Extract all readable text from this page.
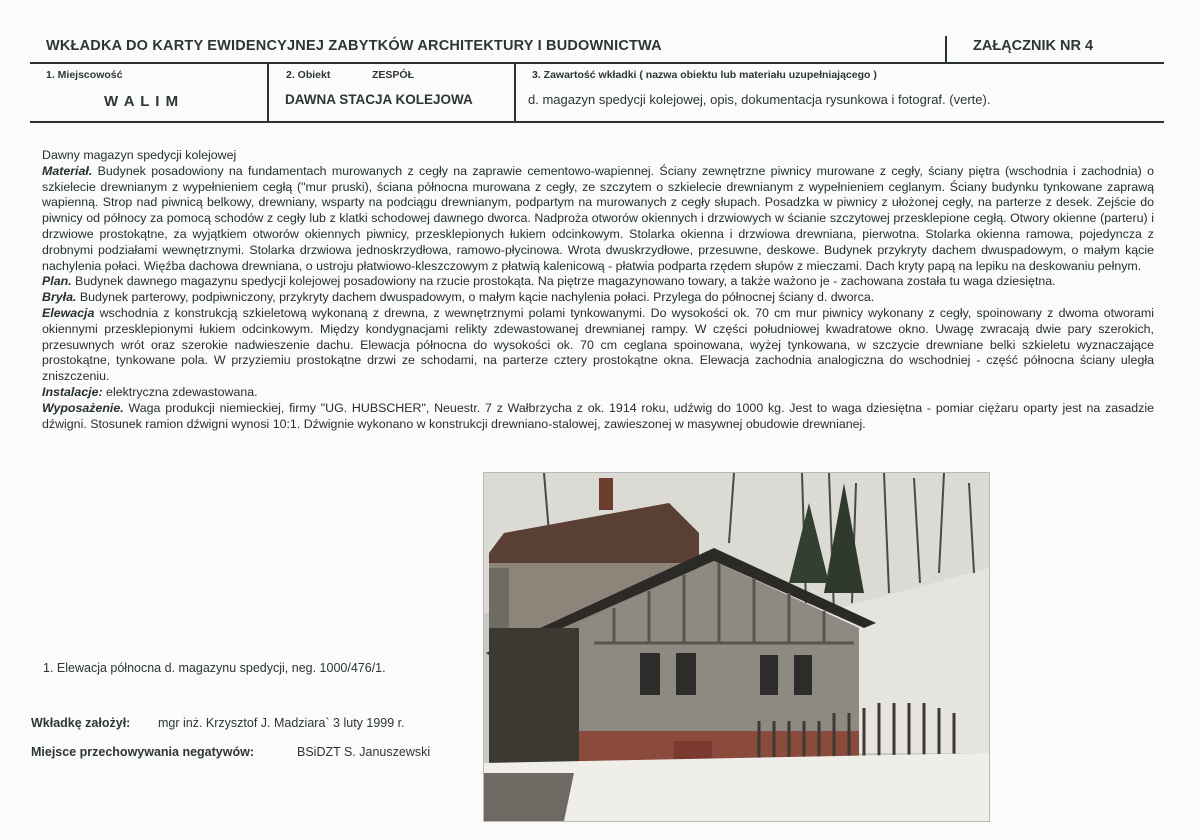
WKŁADKA DO KARTY EWIDENCYJNEJ ZABYTKÓW ARCHITEKTURY I BUDOWNICTWA	ZAŁĄCZNIK NR 4
1. Miejscowość
W A L I M
2. Obiekt	ZESPÓŁ
DAWNA STACJA KOLEJOWA
3. Zawartość wkładki ( nazwa obiektu lub materiału uzupełniającego )
d. magazyn spedycji kolejowej, opis, dokumentacja rysunkowa i fotograf. (verte).

Dawny magazyn spedycji kolejowej

Materiał. Budynek posadowiony na fundamentach murowanych z cegły na zaprawie cementowo-wapiennej. Ściany zewnętrzne piwnicy murowane z cegły, ściany piętra (wschodnia i zachodnia) o szkielecie drewnianym z wypełnieniem cegłą ("mur pruski), ściana północna murowana z cegły, ze szczytem o szkielecie drewnianym z wypełnieniem ceglanym. Ściany budynku tynkowane zaprawą wapienną. Strop nad piwnicą belkowy, drewniany, wsparty na podciągu drewnianym, podpartym na murowanych z cegły słupach. Posadzka w piwnicy z ułożonej cegły, na parterze z desek. Zejście do piwnicy od północy za pomocą schodów z cegły lub z klatki schodowej dawnego dworca. Nadproża otworów okiennych i drzwiowych w ścianie szczytowej przesklepione cegłą. Otwory okienne (parteru) i drzwiowe prostokątne, za wyjątkiem otworów okiennych piwnicy, przesklepionych łukiem odcinkowym. Stolarka okienna i drzwiowa drewniana, pierwotna. Stolarka okienna ramowa, pojedyncza z drobnymi podziałami wewnętrznymi. Stolarka drzwiowa jednoskrzydłowa, ramowo-płycinowa. Wrota dwuskrzydłowe, przesuwne, deskowe. Budynek przykryty dachem dwuspadowym, o małym kącie nachylenia połaci. Więźba dachowa drewniana, o ustroju płatwiowo-kleszczowym z płatwią kalenicową - płatwia podparta rzędem słupów z mieczami. Dach kryty papą na lepiku na deskowaniu pełnym.

Plan. Budynek dawnego magazynu spedycji kolejowej posadowiony na rzucie prostokąta. Na piętrze magazynowano towary, a także ważono je - zachowana została tu waga dziesiętna.

Bryła. Budynek parterowy, podpiwniczony, przykryty dachem dwuspadowym, o małym kącie nachylenia połaci. Przylega do północnej ściany d. dworca.

Elewacja wschodnia z konstrukcją szkieletową wykonaną z drewna, z wewnętrznymi polami tynkowanymi. Do wysokości ok. 70 cm mur piwnicy wykonany z cegły, spoinowany z dwoma otworami okiennymi przesklepionymi łukiem odcinkowym. Między kondygnacjami relikty zdewastowanej drewnianej rampy. W części południowej kwadratowe okno. Uwagę zwracają dwie pary szerokich, przesuwnych wrót oraz szerokie nadwieszenie dachu. Elewacja północna do wysokości ok. 70 cm ceglana spoinowana, wyżej tynkowana, w szczycie drewniane belki szkieletu wyznaczające prostokątne, tynkowane pola. W przyziemiu prostokątne drzwi ze schodami, na parterze cztery prostokątne okna. Elewacja zachodnia analogiczna do wschodniej - część północna ściany uległa zniszczeniu.

Instalacje: elektryczna zdewastowana.

Wyposażenie. Waga produkcji niemieckiej, firmy "UG. HUBSCHER", Neuestr. 7 z Wałbrzycha z ok. 1914 roku, udźwig do 1000 kg. Jest to waga dziesiętna - pomiar ciężaru oparty jest na zasadzie dźwigni. Stosunek ramion dźwigni wynosi 10:1. Dźwignie wykonano w konstrukcji drewniano-stalowej, zawieszonej w masywnej obudowie drewnianej.

1. Elewacja północna d. magazynu spedycji, neg. 1000/476/1.
Wkładkę założył: mgr inż. Krzysztof J. Madziara` 3 luty 1999 r.
Miejsce przechowywania negatywów:	BSiDZT S. Januszewski
